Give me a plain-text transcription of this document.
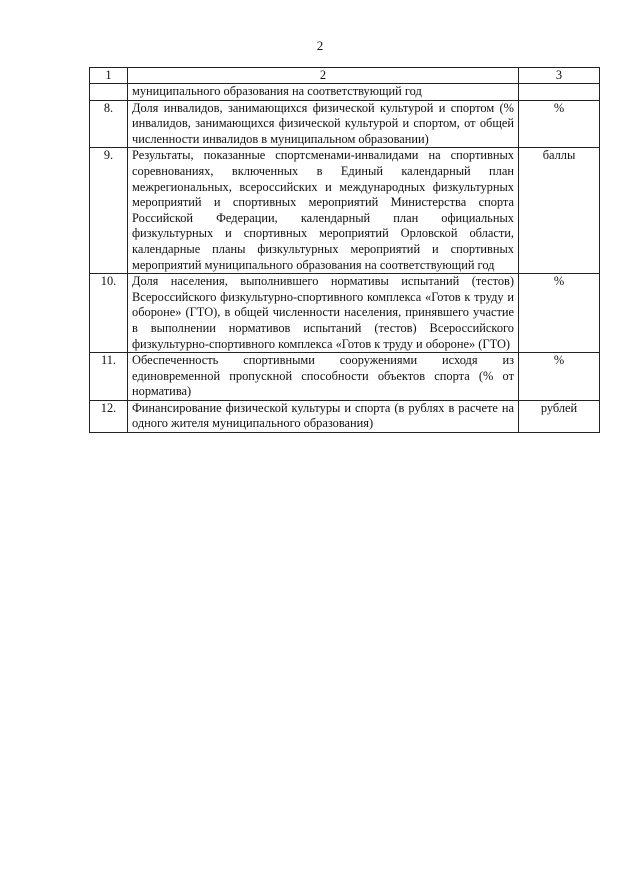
2
1	2	3
	муниципального образования на соответствующий год	
8.	Доля инвалидов, занимающихся физической культурой и спортом (% инвалидов, занимающихся физической культурой и спортом, от общей численности инвалидов в муниципальном образовании)	%
9.	Результаты, показанные спортсменами-инвалидами на спортивных соревнованиях, включенных в Единый календарный план межрегиональных, всероссийских и международных физкультурных мероприятий и спортивных мероприятий Министерства спорта Российской Федерации, календарный план официальных физкультурных и спортивных мероприятий Орловской области, календарные планы физкультурных мероприятий и спортивных мероприятий муниципального образования на соответствующий год	баллы
10.	Доля населения, выполнившего нормативы испытаний (тестов) Всероссийского физкультурно-спортивного комплекса «Готов к труду и обороне» (ГТО), в общей численности населения, принявшего участие в выполнении нормативов испытаний (тестов) Всероссийского физкультурно-спортивного комплекса «Готов к труду и обороне» (ГТО)	%
11.	Обеспеченность спортивными сооружениями исходя из единовременной пропускной способности объектов спорта (% от норматива)	%
12.	Финансирование физической культуры и спорта (в рублях в расчете на одного жителя муниципального образования)	рублей
